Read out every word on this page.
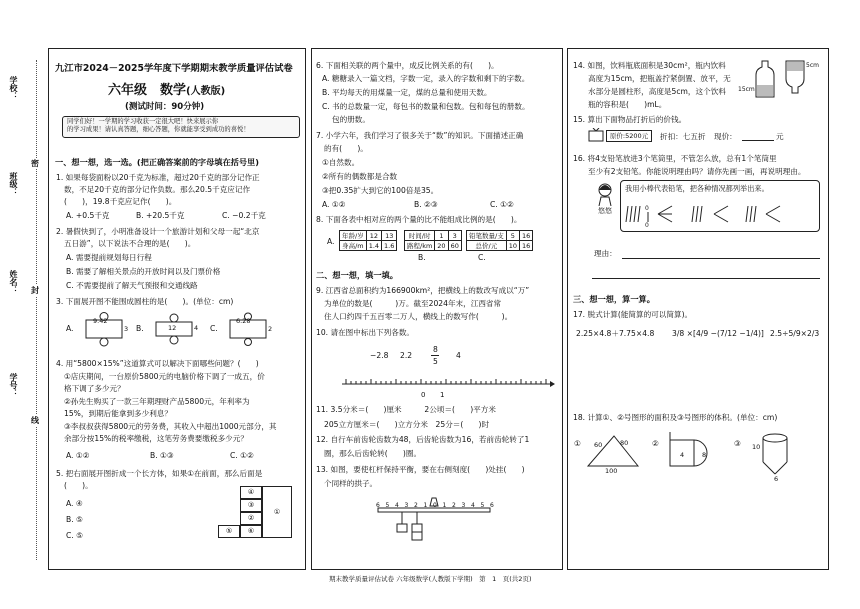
学校：
班级：
姓名：
学号：
密
封
线
九江市2024－2025学年度下学期期末教学质量评估试卷
六年级　数学(人教版)
(测试时间：90分钟)
同学们好！一学期的学习收获一定很大吧！快来展示你
的学习成果！请认真答题，细心答题，你就能享受到成功的喜悦！
一、想一想，选一选。(把正确答案前的字母填在括号里)
1. 如果每袋面粉以20千克为标准，超过20千克的部分记作正
数，不足20千克的部分记作负数。那么20.5千克应记作
(　　)，19.8千克应记作(　　)。
A. +0.5千克	B. +20.5千克	C. −0.2千克
2. 暑假快到了，小明准备设计一个旅游计划和父母一起“北京
五日游”，以下说法不合理的是(　　)。
A. 需要提前规划每日行程
B. 需要了解相关景点的开放时间以及门票价格
C. 不需要提前了解天气预报和交通线路
3. 下面展开图不能围成圆柱的是(　　)。(单位：cm)
A.
9.42
3 B.	12	4 C.
6.28
2
4. 用“5800×15%”这道算式可以解决下面哪些问题？(　　)
①店庆期间，一台原价5800元的电脑价格下调了一成五，价
格下调了多少元？
②孙先生购买了一款三年期理财产品5800元，年利率为
15%，到期后能拿到多少利息？
③李叔叔获得5800元的劳务费，其收入中超出1000元部分，其
余部分按15%的税率缴税，这笔劳务费要缴税多少元？
A. ①②	B. ①③	C. ①②
5. 把右面展开图折成一个长方体，如果①在前面，那么后面是
(　　)。
A. ④
B. ⑤
C. ⑤
④
③
②
①
⑤	⑥
6. 下面相关联的两个量中，成反比例关系的有(　　)。
A. 糖糖录入一篇文档，字数一定，录入的字数和剩下的字数。
B. 平均每天的用煤量一定，煤的总量和使用天数。
C. 书的总数量一定，每包书的数量和包数。包和每包的册数。
包的册数。
7. 小学六年，我们学习了很多关于“数”的知识。下面描述正确
的有(　　)。
①自然数。
②所有的偶数都是合数
③把0.35扩大到它的100倍是35。
A. ①②	B. ②③	C. ①②
8. 下面各表中相对应的两个量的比不能组成比例的是(　　)。
年龄/岁	12	13
身高/m	1.4	1.6
时间/时	1	3
路程/km	20	60
铅笔数量/支	5	16
总价/元	10	16
A.
B.	C.
二、想一想，填一填。
9. 江西省总面积约为166900km²，把横线上的数改写成以“万”
为单位的数是(　　　)万。截至2024年末，江西省常
住人口约四千五百零二万人，横线上的数写作(　　　)。
10. 请在图中标出下列各数。
−2.8 2.2
8
5
4
0 1
11. 3.5分米＝(　　)厘米　　　2公顷＝(　　)平方米
205立方厘米＝(　　)立方分米　25分＝(　　)时
12. 自行车前齿轮齿数为48，后齿轮齿数为16，若前齿轮转了1
圈，那么后齿轮转(　　)圈。
13. 如图，要使杠杆保持平衡，要在右侧刻度(　　)处挂(　　)
个同样的拱子。
6 5 4 3 2 1 0 1 2 3 4 5 6
期末教学质量评估试卷 六年级数学(人教版下学期)　第　1　页(共2页)
14. 如图，饮料瓶底面积是30cm²，瓶内饮料
高度为15cm，把瓶盖拧紧倒置、放平，无
水部分是圆柱形，高度是5cm，这个饮料
瓶的容积是(　　)mL。
15cm
5cm
15. 算出下面物品打折后的价钱。
原价:5200元	折扣：七五折 现价：	元
16. 将4支铅笔放进3个笔筒里，不管怎么放，总有1个笔筒里
至少有2支铅笔。你能说明理由吗？请你先画一画，再说明理由。
悠悠
我用小棒代表铅笔，把各种情况都列举出来。
0
0
理由：
三、想一想，算一算。
17. 脱式计算(能简算的可以简算)。
2.25×4.8＋7.75×4.8 3/8 ×[4/9 −(7/12 −1/4)] 2.5÷5/9×2/3
18. 计算①、②号图形的面积及③号图形的体积。(单位：cm)
① 60	80
100
②
4	8
③ 10
6
